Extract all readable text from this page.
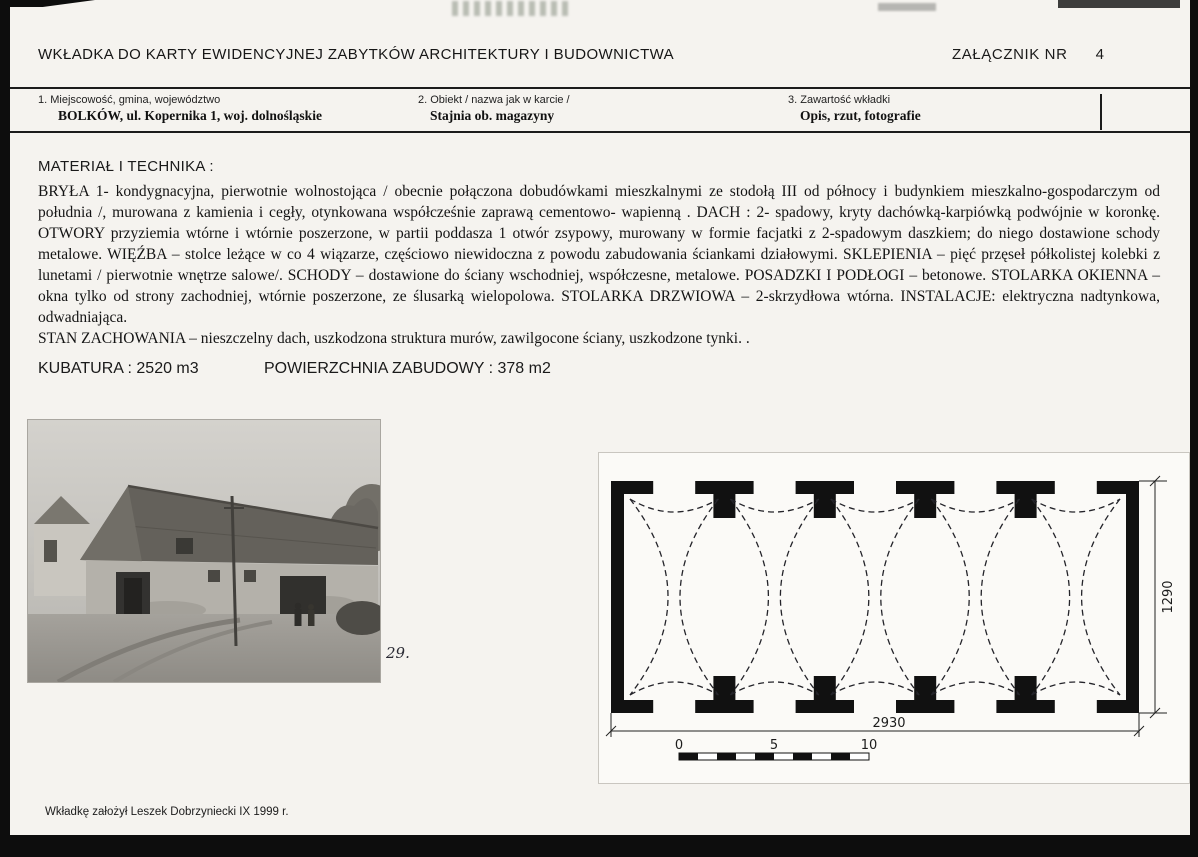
WKŁADKA DO KARTY EWIDENCYJNEJ ZABYTKÓW ARCHITEKTURY I BUDOWNICTWA	ZAŁĄCZNIK NR 4
1. Miejscowość, gmina, województwo
BOLKÓW, ul. Kopernika 1, woj. dolnośląskie
2. Obiekt / nazwa jak w karcie /
Stajnia ob. magazyny
3. Zawartość wkładki
Opis, rzut, fotografie
MATERIAŁ I TECHNIKA :

BRYŁA 1- kondygnacyjna, pierwotnie wolnostojąca / obecnie połączona dobudówkami mieszkalnymi ze stodołą III od północy i budynkiem mieszkalno-gospodarczym od południa /, murowana z kamienia i cegły, otynkowana współcześnie zaprawą cementowo- wapienną . DACH : 2- spadowy, kryty dachówką-karpiówką podwójnie w koronkę. OTWORY przyziemia wtórne i wtórnie poszerzone, w partii poddasza 1 otwór zsypowy, murowany w formie facjatki z 2-spadowym daszkiem; do niego dostawione schody metalowe. WIĘŹBA – stolce leżące w co 4 wiązarze, częściowo niewidoczna z powodu zabudowania ściankami działowymi. SKLEPIENIA – pięć przęseł półkolistej kolebki z lunetami / pierwotnie wnętrze salowe/. SCHODY – dostawione do ściany wschodniej, współczesne, metalowe. POSADZKI I PODŁOGI – betonowe. STOLARKA OKIENNA – okna tylko od strony zachodniej, wtórnie poszerzone, ze ślusarką wielopolowa. STOLARKA DRZWIOWA – 2-skrzydłowa wtórna. INSTALACJE: elektryczna nadtynkowa, odwadniająca.

STAN ZACHOWANIA – nieszczelny dach, uszkodzona struktura murów, zawilgocone ściany, uszkodzone tynki. .

KUBATURA : 2520 m3	POWIERZCHNIA ZABUDOWY : 378 m2
29.
1290
2930
0	5	10
Wkładkę założył Leszek Dobrzyniecki IX 1999 r.
